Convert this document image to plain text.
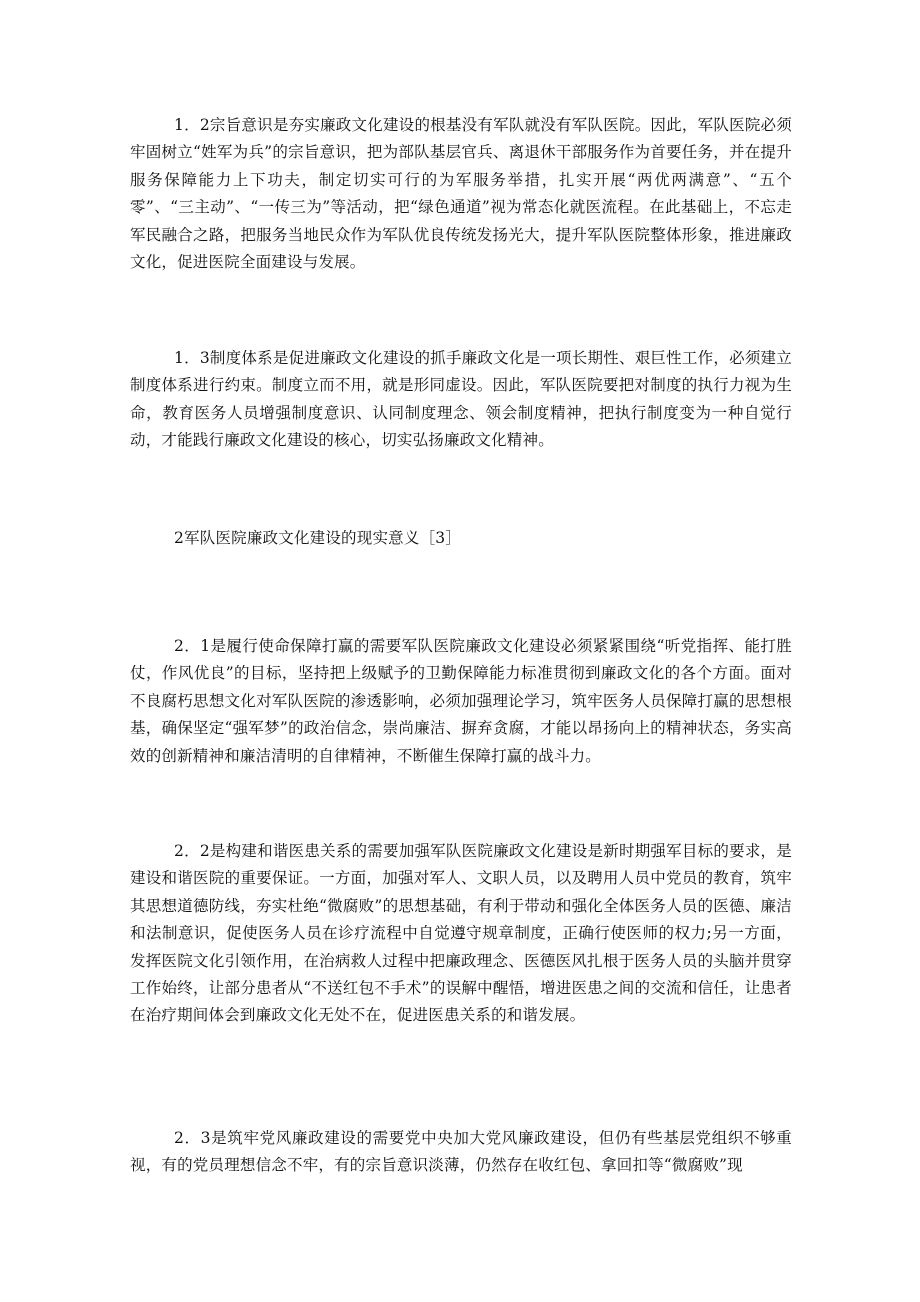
1．2宗旨意识是夯实廉政文化建设的根基没有军队就没有军队医院。因此，军队医院必须牢固树立“姓军为兵”的宗旨意识，把为部队基层官兵、离退休干部服务作为首要任务，并在提升服务保障能力上下功夫，制定切实可行的为军服务举措，扎实开展“两优两满意”、“五个零”、“三主动”、“一传三为”等活动，把“绿色通道”视为常态化就医流程。在此基础上，不忘走军民融合之路，把服务当地民众作为军队优良传统发扬光大，提升军队医院整体形象，推进廉政文化，促进医院全面建设与发展。

1．3制度体系是促进廉政文化建设的抓手廉政文化是一项长期性、艰巨性工作，必须建立制度体系进行约束。制度立而不用，就是形同虚设。因此，军队医院要把对制度的执行力视为生命，教育医务人员增强制度意识、认同制度理念、领会制度精神，把执行制度变为一种自觉行动，才能践行廉政文化建设的核心，切实弘扬廉政文化精神。

2军队医院廉政文化建设的现实意义［3］

2．1是履行使命保障打赢的需要军队医院廉政文化建设必须紧紧围绕“听党指挥、能打胜仗，作风优良”的目标，坚持把上级赋予的卫勤保障能力标准贯彻到廉政文化的各个方面。面对不良腐朽思想文化对军队医院的渗透影响，必须加强理论学习，筑牢医务人员保障打赢的思想根基，确保坚定“强军梦”的政治信念，崇尚廉洁、摒弃贪腐，才能以昂扬向上的精神状态，务实高效的创新精神和廉洁清明的自律精神，不断催生保障打赢的战斗力。

2．2是构建和谐医患关系的需要加强军队医院廉政文化建设是新时期强军目标的要求，是建设和谐医院的重要保证。一方面，加强对军人、文职人员，以及聘用人员中党员的教育，筑牢其思想道德防线，夯实杜绝“微腐败”的思想基础，有利于带动和强化全体医务人员的医德、廉洁和法制意识，促使医务人员在诊疗流程中自觉遵守规章制度，正确行使医师的权力;另一方面，发挥医院文化引领作用，在治病救人过程中把廉政理念、医德医风扎根于医务人员的头脑并贯穿工作始终，让部分患者从“不送红包不手术”的误解中醒悟，增进医患之间的交流和信任，让患者在治疗期间体会到廉政文化无处不在，促进医患关系的和谐发展。

2．3是筑牢党风廉政建设的需要党中央加大党风廉政建设，但仍有些基层党组织不够重视，有的党员理想信念不牢，有的宗旨意识淡薄，仍然存在收红包、拿回扣等“微腐败”现
